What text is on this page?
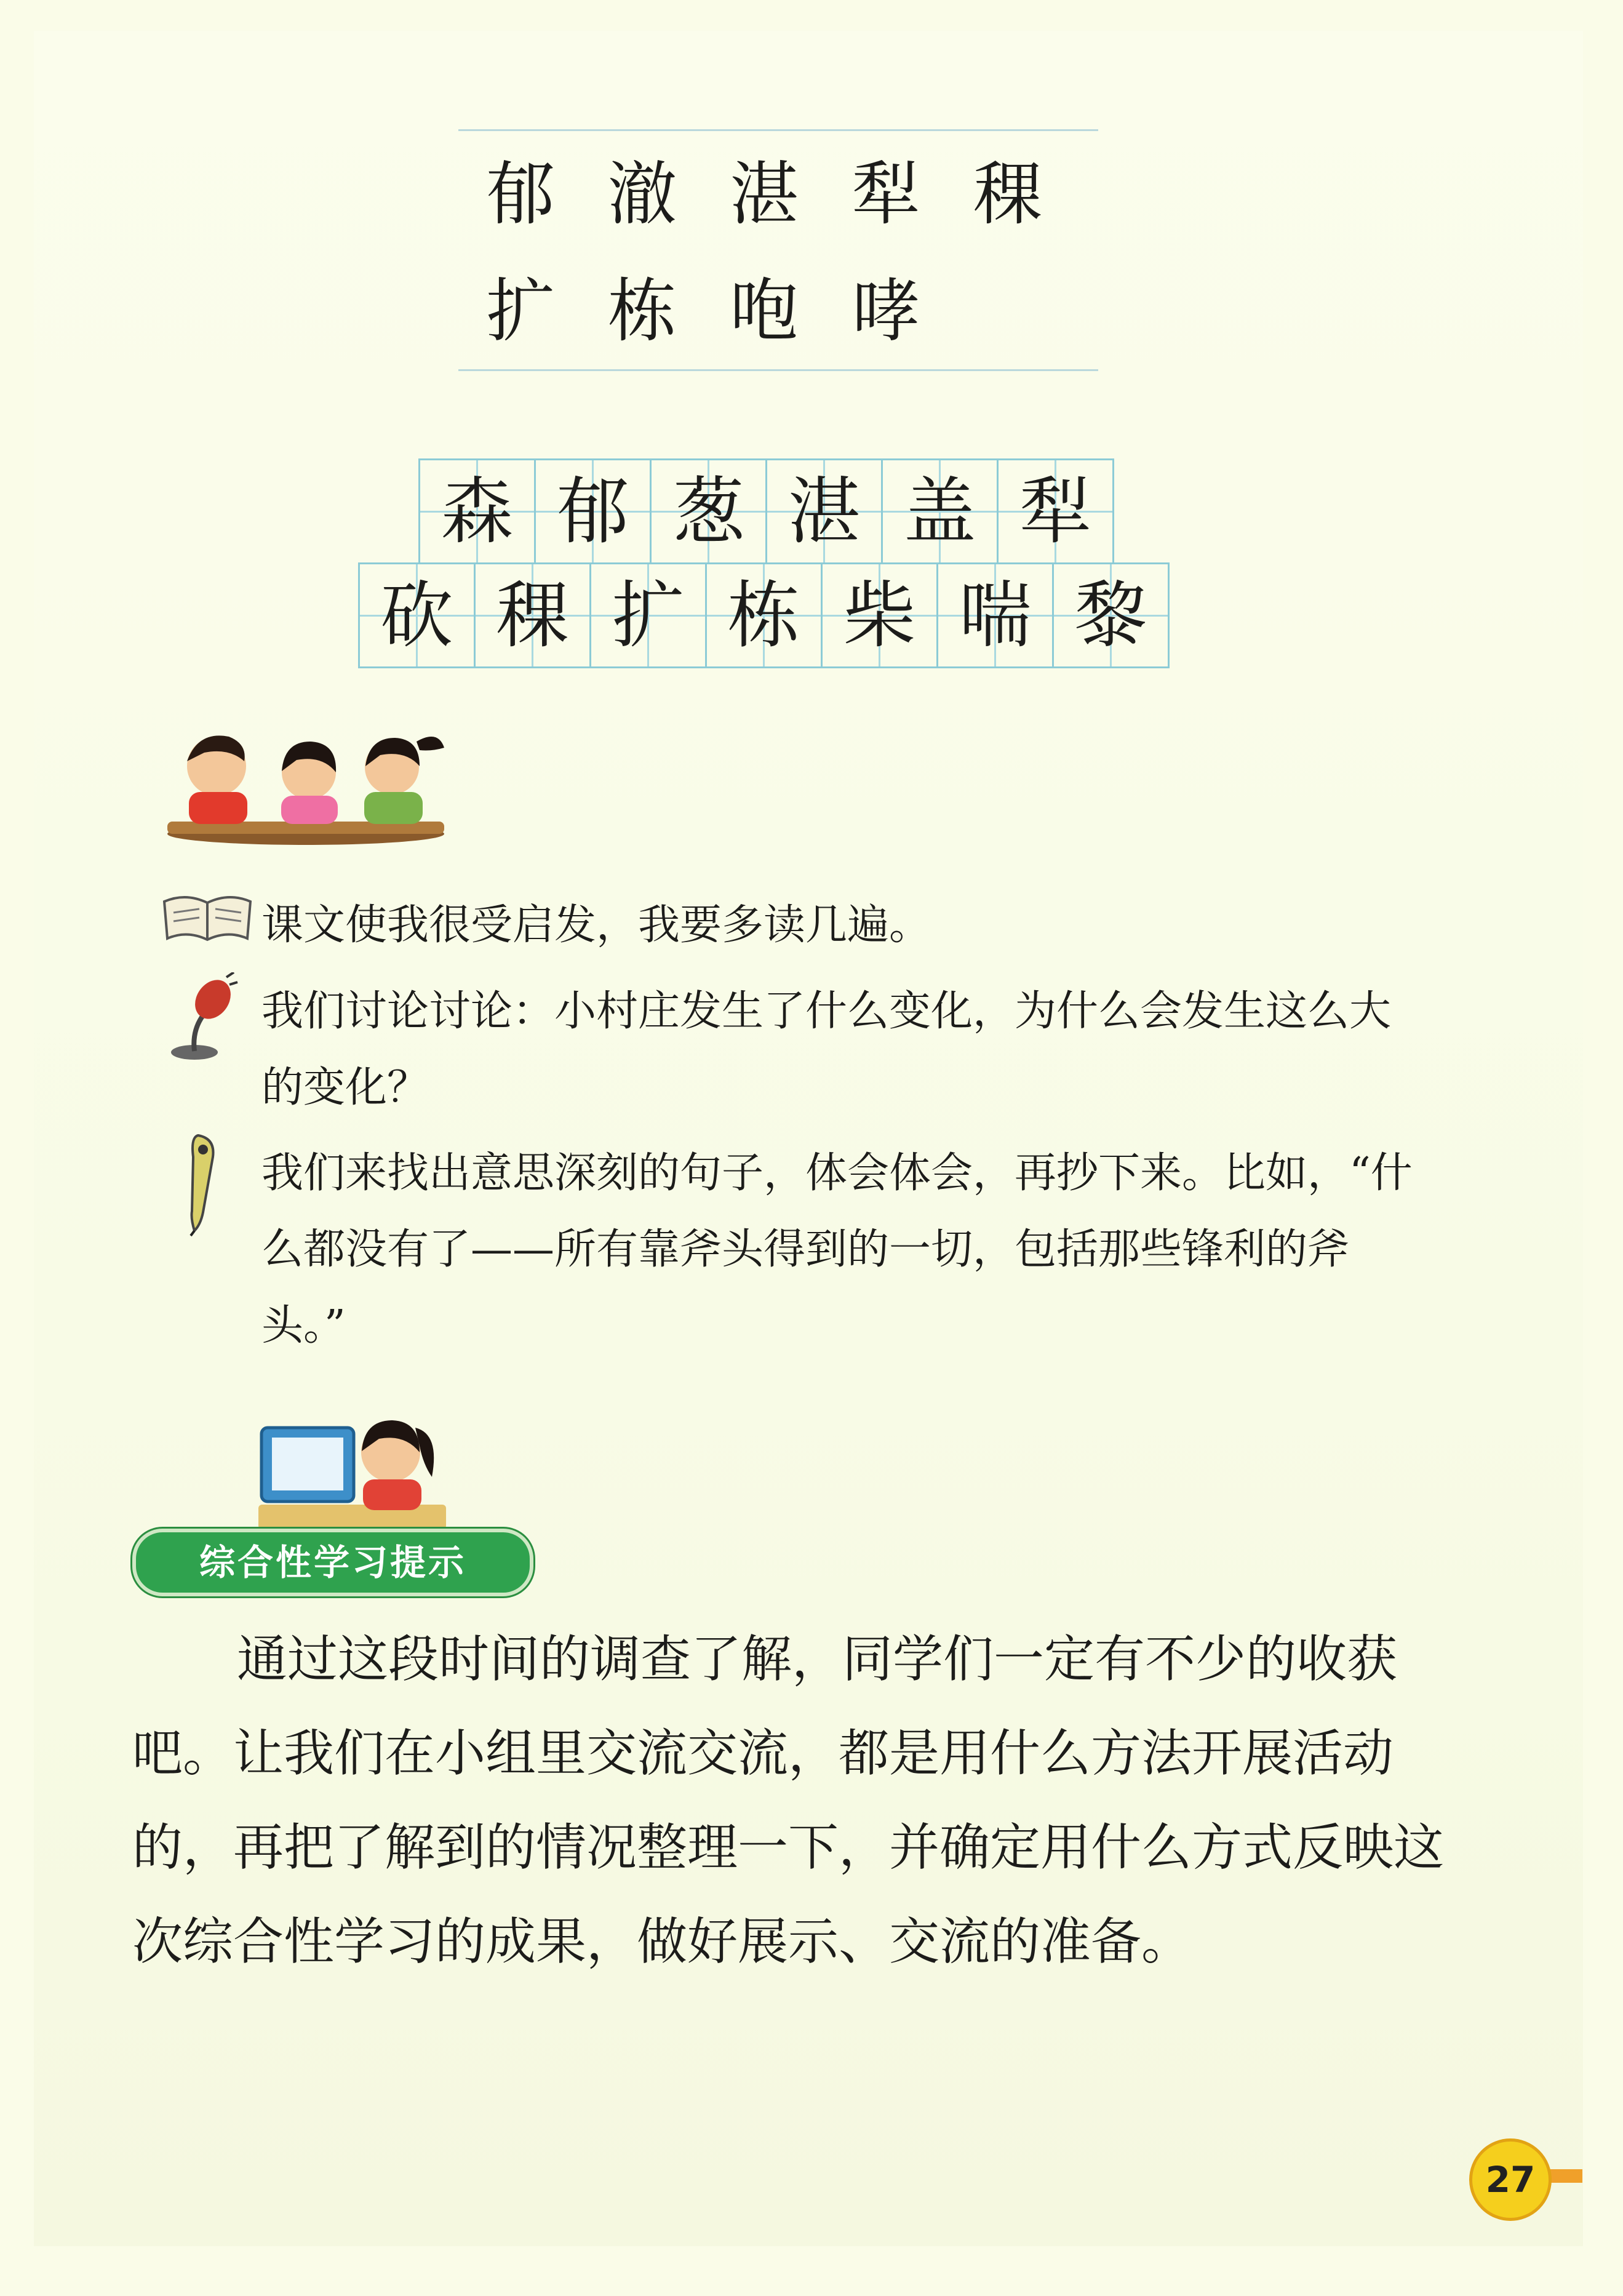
郁澈湛犁稞
扩栋咆哮
森 郁 葱 湛 盖 犁
砍 稞 扩 栋 柴 喘 黎
课文使我很受启发，我要多读几遍。
我们讨论讨论：小村庄发生了什么变化，为什么会发生这么大的变化？
我们来找出意思深刻的句子，体会体会，再抄下来。比如，“什么都没有了——所有靠斧头得到的一切，包括那些锋利的斧头。”
综合性学习提示
通过这段时间的调查了解，同学们一定有不少的收获吧。让我们在小组里交流交流，都是用什么方法开展活动的，再把了解到的情况整理一下，并确定用什么方式反映这次综合性学习的成果，做好展示、交流的准备。
27
